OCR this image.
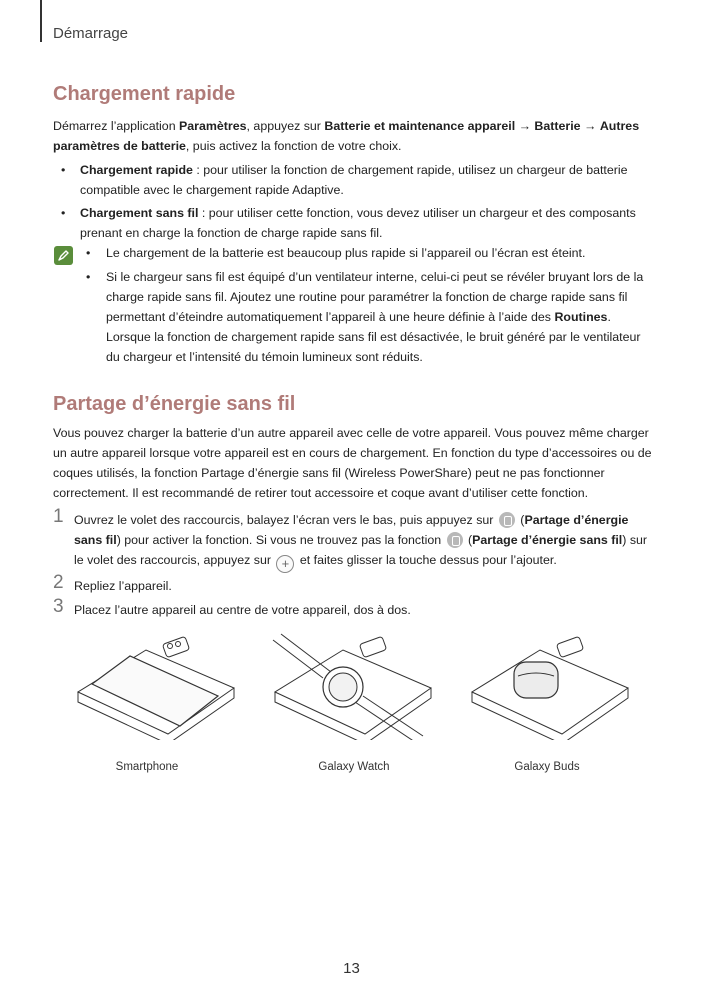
Démarrage
Chargement rapide
Démarrez l’application Paramètres, appuyez sur Batterie et maintenance appareil → Batterie → Autres paramètres de batterie, puis activez la fonction de votre choix.
• Chargement rapide : pour utiliser la fonction de chargement rapide, utilisez un chargeur de batterie compatible avec le chargement rapide Adaptive.
• Chargement sans fil : pour utiliser cette fonction, vous devez utiliser un chargeur et des composants prenant en charge la fonction de charge rapide sans fil.
• Le chargement de la batterie est beaucoup plus rapide si l’appareil ou l’écran est éteint.
• Si le chargeur sans fil est équipé d’un ventilateur interne, celui-ci peut se révéler bruyant lors de la charge rapide sans fil. Ajoutez une routine pour paramétrer la fonction de charge rapide sans fil permettant d’éteindre automatiquement l’appareil à une heure définie à l’aide des Routines. Lorsque la fonction de chargement rapide sans fil est désactivée, le bruit généré par le ventilateur du chargeur et l’intensité du témoin lumineux sont réduits.
Partage d’énergie sans fil
Vous pouvez charger la batterie d’un autre appareil avec celle de votre appareil. Vous pouvez même charger un autre appareil lorsque votre appareil est en cours de chargement. En fonction du type d’accessoires ou de coques utilisés, la fonction Partage d’énergie sans fil (Wireless PowerShare) peut ne pas fonctionner correctement. Il est recommandé de retirer tout accessoire et coque avant d’utiliser cette fonction.
1 Ouvrez le volet des raccourcis, balayez l’écran vers le bas, puis appuyez sur  (Partage d’énergie sans fil) pour activer la fonction. Si vous ne trouvez pas la fonction  (Partage d’énergie sans fil) sur le volet des raccourcis, appuyez sur + et faites glisser la touche dessus pour l’ajouter.
2 Repliez l’appareil.
3 Placez l’autre appareil au centre de votre appareil, dos à dos.
Smartphone	Galaxy Watch	Galaxy Buds
13
